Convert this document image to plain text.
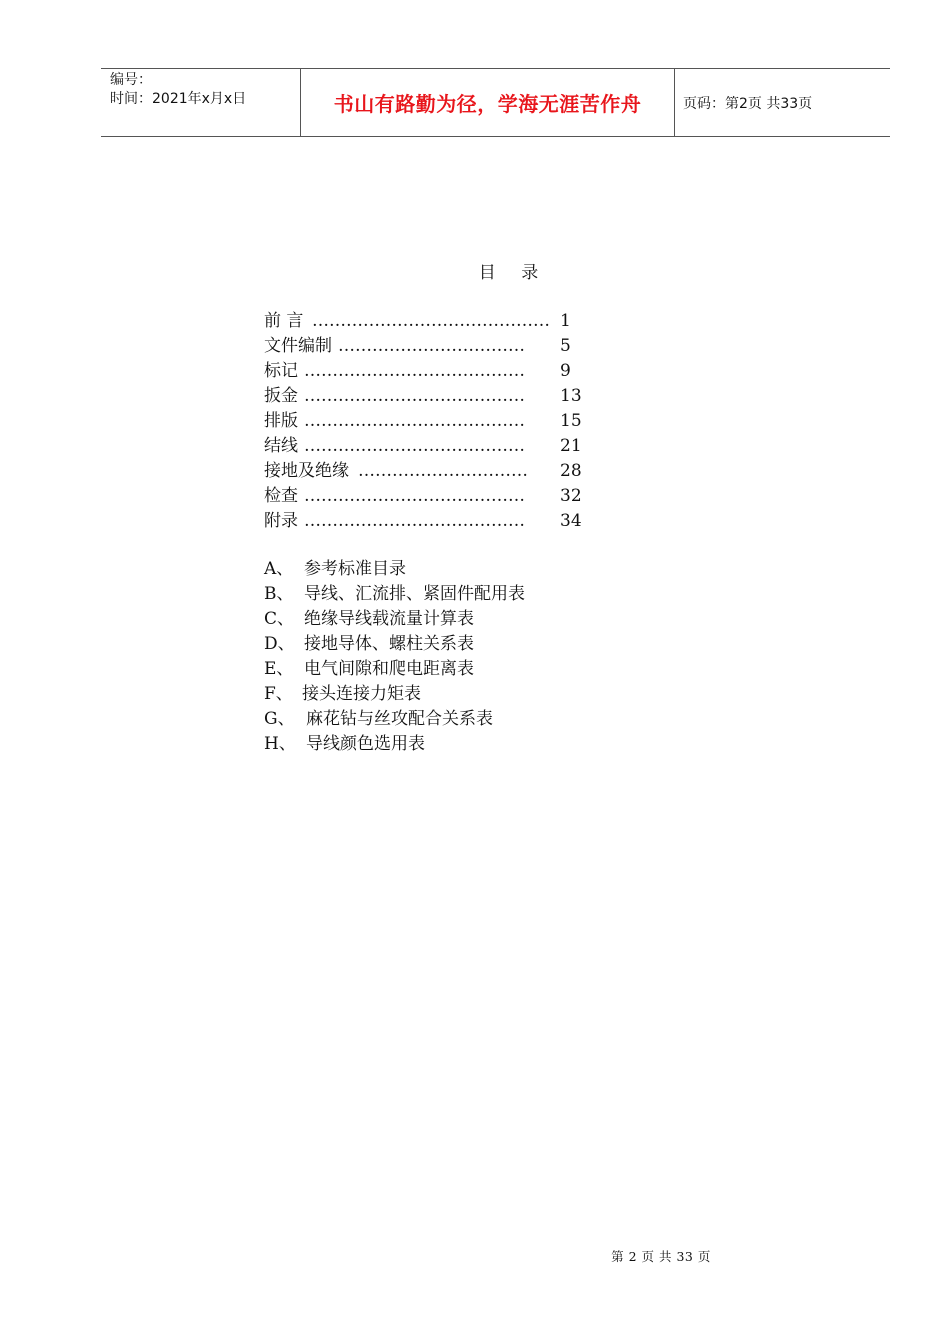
编号：
时间：2021年x月x日	书山有路勤为径，学海无涯苦作舟	页码：第2页 共33页
目 录
前 言 …………………………………… 1
文件编制 ……………………………	5
标记 …………………………………	9
扳金 …………………………………	13
排版 …………………………………	15
结线 …………………………………	21
接地及绝缘 …………………………	28
检查 …………………………………	32
附录 …………………………………	34
A、 参考标准目录
B、 导线、汇流排、紧固件配用表
C、 绝缘导线载流量计算表
D、 接地导体、螺柱关系表
E、 电气间隙和爬电距离表
F、 接头连接力矩表
G、 麻花钻与丝攻配合关系表
H、 导线颜色选用表
第 2 页 共 33 页
